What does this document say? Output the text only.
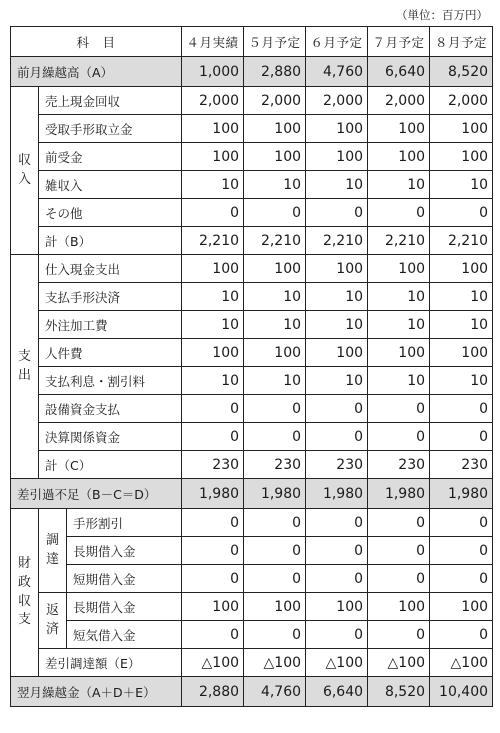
（単位：百万円）
科　目			４月実績	５月予定	６月予定	７月予定	８月予定
前月繰越高（A）			1,000	2,880	4,760	6,640	8,520

収
入	売上現金回収		2,000	2,000	2,000	2,000	2,000
	受取手形取立金		100	100	100	100	100
	前受金		100	100	100	100	100
	雑収入		10	10	10	10	10
	その他		0	0	0	0	0
	計（B）		2,210	2,210	2,210	2,210	2,210

支
出	仕入現金支出		100	100	100	100	100
	支払手形決済		10	10	10	10	10
	外注加工費		10	10	10	10	10
	人件費		100	100	100	100	100
	支払利息・割引料		10	10	10	10	10
	設備資金支払		0	0	0	0	0
	決算関係資金		0	0	0	0	0
	計（C）		230	230	230	230	230
差引過不足（B－C＝D）			1,980	1,980	1,980	1,980	1,980

財
政
収
支	調
達	手形割引	0	0	0	0	0
		長期借入金	0	0	0	0	0
		短期借入金	0	0	0	0	0

	返
済	長期借入金	100	100	100	100	100
		短気借入金	0	0	0	0	0
	差引調達額（E）		△100	△100	△100	△100	△100
翌月繰越金（A＋D＋E）			2,880	4,760	6,640	8,520	10,400
